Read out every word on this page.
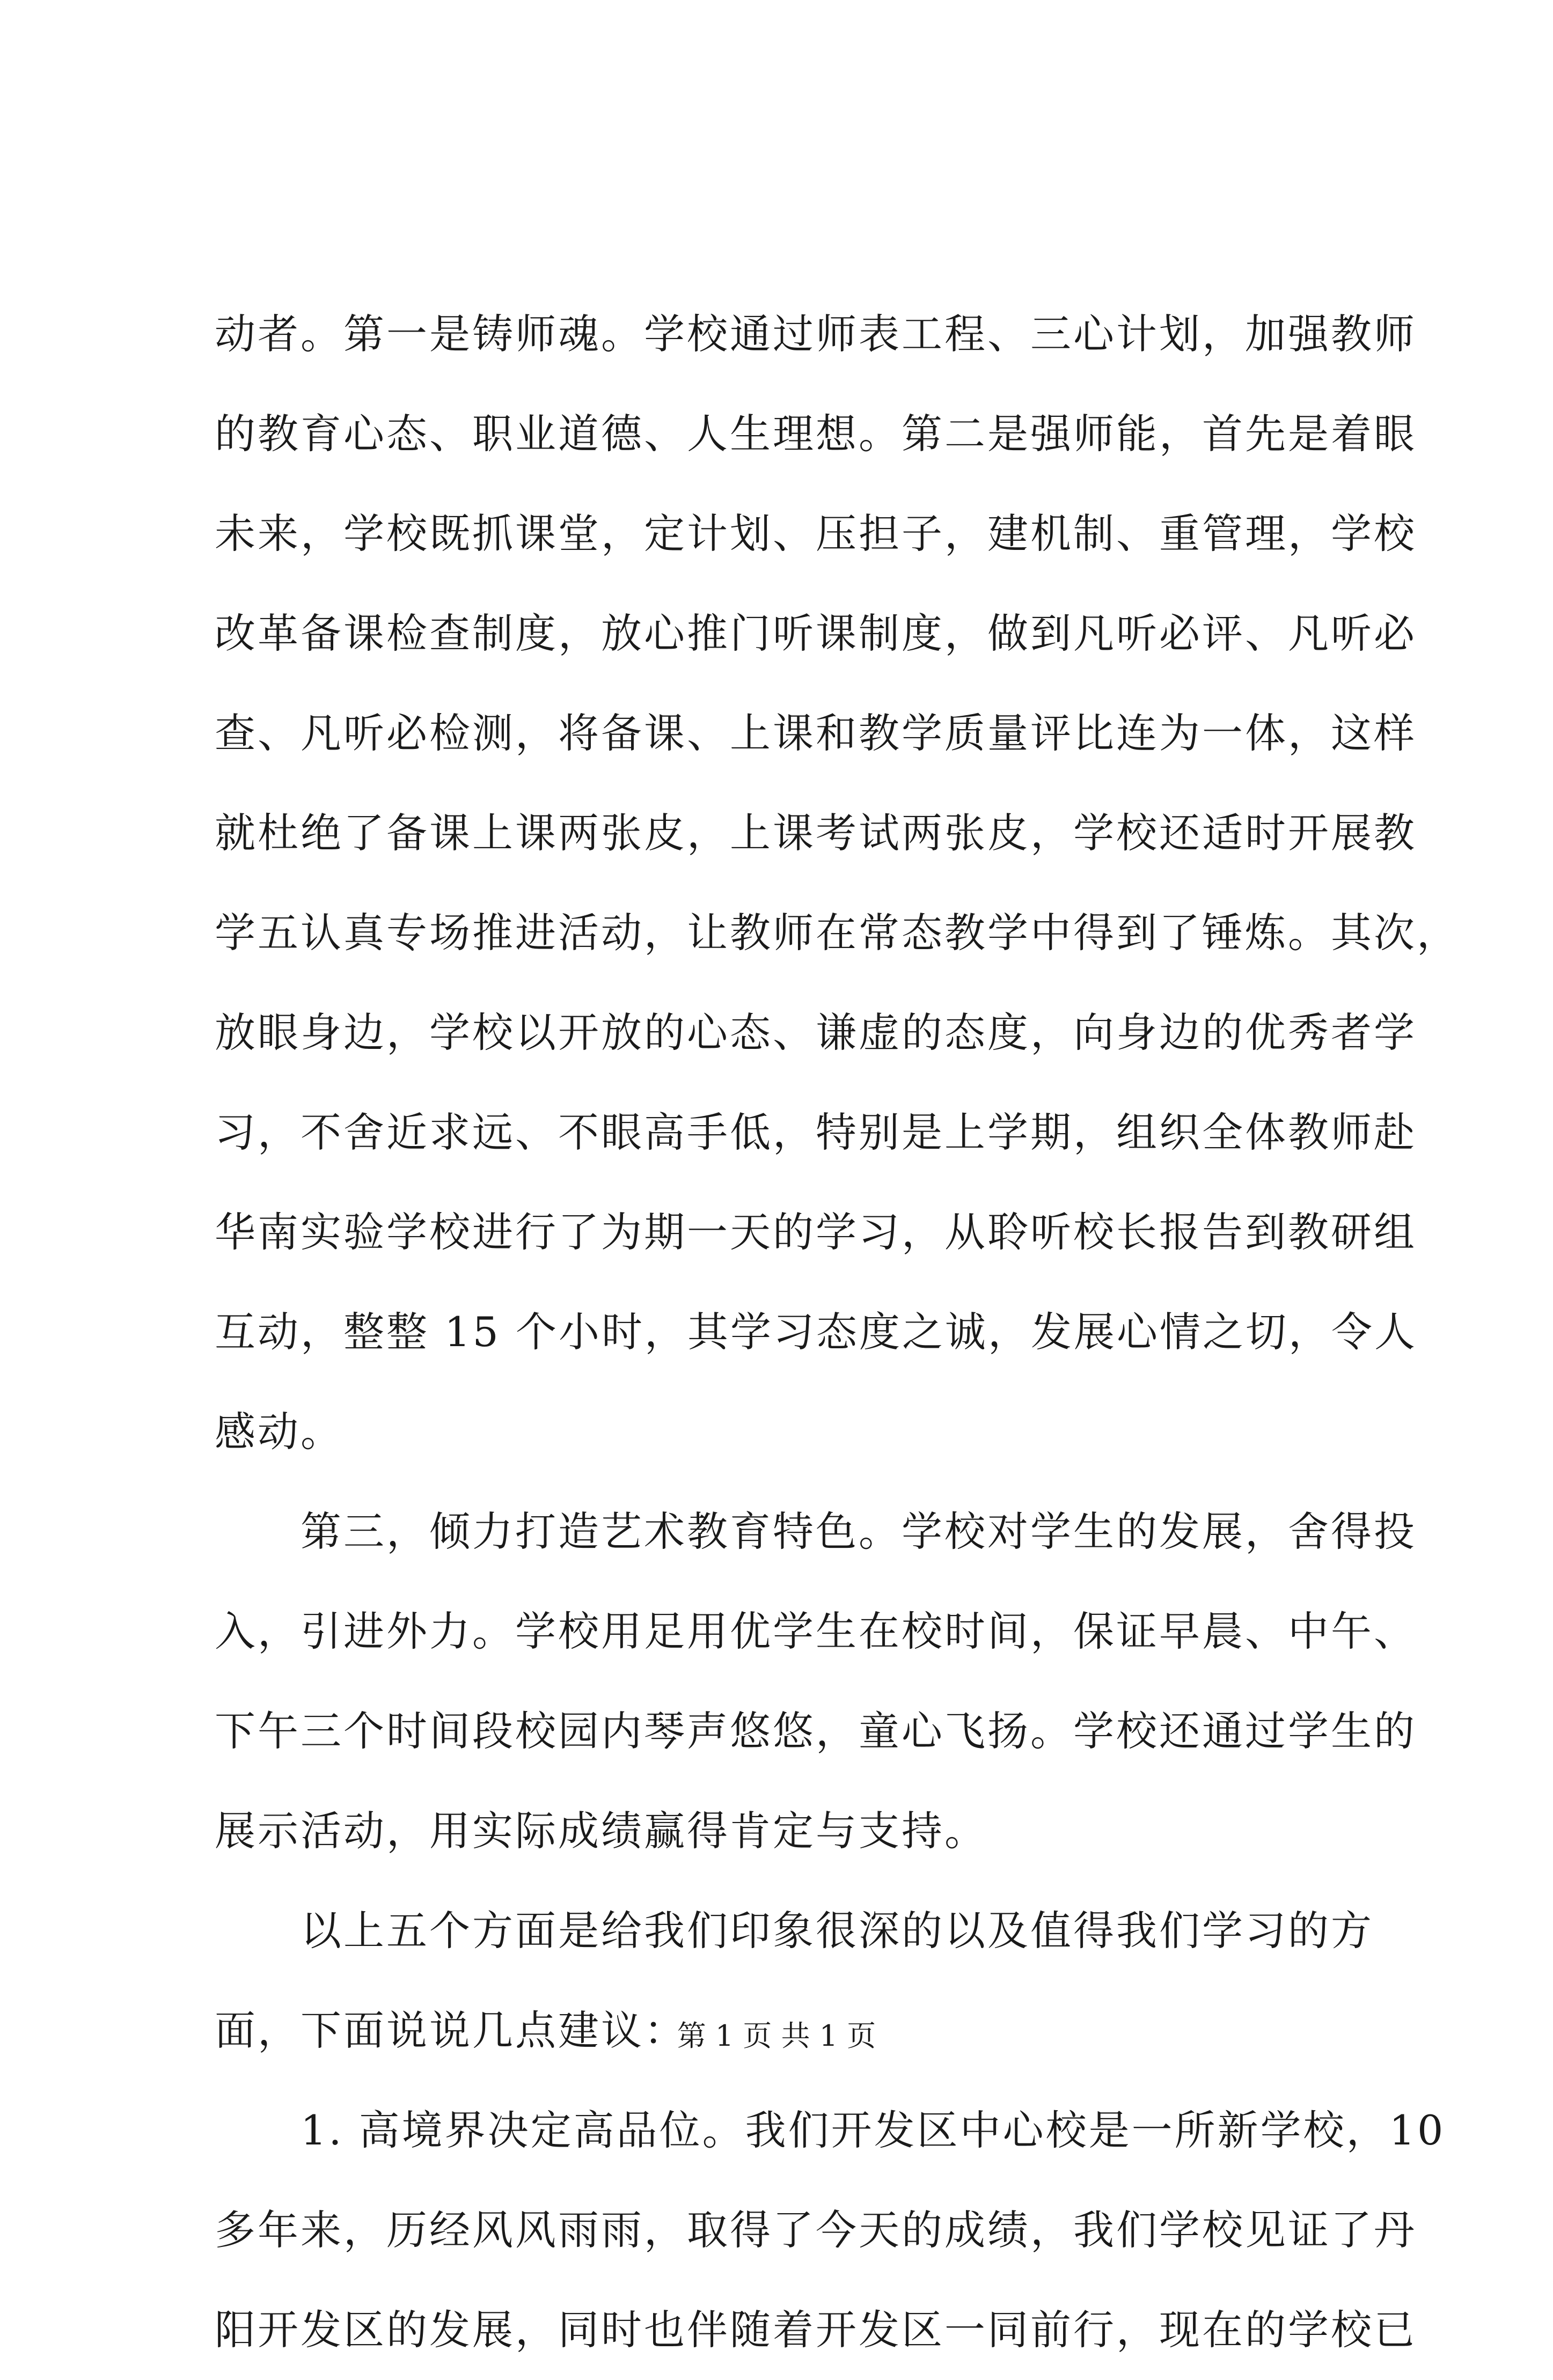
动者。第一是铸师魂。学校通过师表工程、三心计划，加强教师
的教育心态、职业道德、人生理想。第二是强师能，首先是着眼
未来，学校既抓课堂，定计划、压担子，建机制、重管理，学校
改革备课检查制度，放心推门听课制度，做到凡听必评、凡听必
查、凡听必检测，将备课、上课和教学质量评比连为一体，这样
就杜绝了备课上课两张皮，上课考试两张皮，学校还适时开展教
学五认真专场推进活动，让教师在常态教学中得到了锤炼。其次，
放眼身边，学校以开放的心态、谦虚的态度，向身边的优秀者学
习，不舍近求远、不眼高手低，特别是上学期，组织全体教师赴
华南实验学校进行了为期一天的学习，从聆听校长报告到教研组
互动，整整 15 个小时，其学习态度之诚，发展心情之切，令人
感动。
　　第三，倾力打造艺术教育特色。学校对学生的发展，舍得投
入，引进外力。学校用足用优学生在校时间，保证早晨、中午、
下午三个时间段校园内琴声悠悠，童心飞扬。学校还通过学生的
展示活动，用实际成绩赢得肯定与支持。
　　以上五个方面是给我们印象很深的以及值得我们学习的方
面，下面说说几点建议：
　　1. 高境界决定高品位。我们开发区中心校是一所新学校，10
多年来，历经风风雨雨，取得了今天的成绩，我们学校见证了丹
阳开发区的发展，同时也伴随着开发区一同前行，现在的学校已
第 1 页 共 1 页
